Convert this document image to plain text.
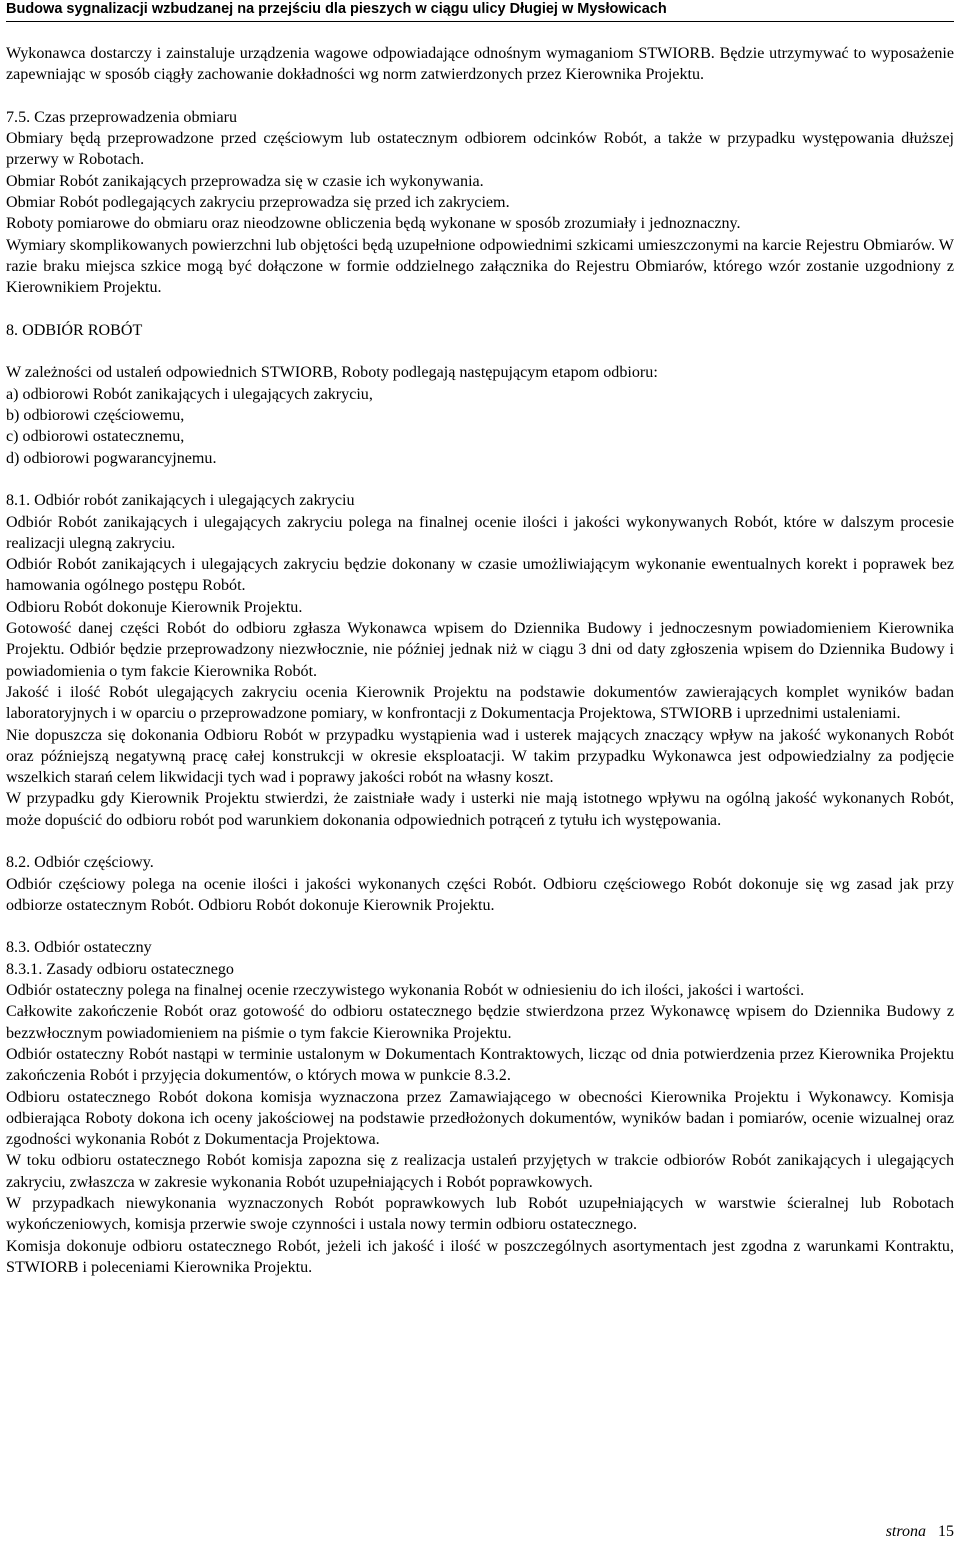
Budowa sygnalizacji wzbudzanej na przejściu dla pieszych w ciągu ulicy Długiej w Mysłowicach

Wykonawca dostarczy i zainstaluje urządzenia wagowe odpowiadające odnośnym wymaganiom STWIORB. Będzie utrzymywać to wyposażenie zapewniając w sposób ciągły zachowanie dokładności wg norm zatwierdzonych przez Kierownika Projektu.

7.5. Czas przeprowadzenia obmiaru

Obmiary będą przeprowadzone przed częściowym lub ostatecznym odbiorem odcinków Robót, a także w przypadku występowania dłuższej przerwy w Robotach.

Obmiar Robót zanikających przeprowadza się w czasie ich wykonywania.

Obmiar Robót podlegających zakryciu przeprowadza się przed ich zakryciem.

Roboty pomiarowe do obmiaru oraz nieodzowne obliczenia będą wykonane w sposób zrozumiały i jednoznaczny.

Wymiary skomplikowanych powierzchni lub objętości będą uzupełnione odpowiednimi szkicami umieszczonymi na karcie Rejestru Obmiarów. W razie braku miejsca szkice mogą być dołączone w formie oddzielnego załącznika do Rejestru Obmiarów, którego wzór zostanie uzgodniony z Kierownikiem Projektu.

8. ODBIÓR ROBÓT

W zależności od ustaleń odpowiednich STWIORB, Roboty podlegają następującym etapom odbioru:

a) odbiorowi Robót zanikających i ulegających zakryciu,
b) odbiorowi częściowemu,
c) odbiorowi ostatecznemu,
d) odbiorowi pogwarancyjnemu.

8.1. Odbiór robót zanikających i ulegających zakryciu

Odbiór Robót zanikających i ulegających zakryciu polega na finalnej ocenie ilości i jakości wykonywanych Robót, które w dalszym procesie realizacji ulegną zakryciu.

Odbiór Robót zanikających i ulegających zakryciu będzie dokonany w czasie umożliwiającym wykonanie ewentualnych korekt i poprawek bez hamowania ogólnego postępu Robót.

Odbioru Robót dokonuje Kierownik Projektu.

Gotowość danej części Robót do odbioru zgłasza Wykonawca wpisem do Dziennika Budowy i jednoczesnym powiadomieniem Kierownika Projektu. Odbiór będzie przeprowadzony niezwłocznie, nie później jednak niż w ciągu 3 dni od daty zgłoszenia wpisem do Dziennika Budowy i powiadomienia o tym fakcie Kierownika Robót.

Jakość i ilość Robót ulegających zakryciu ocenia Kierownik Projektu na podstawie dokumentów zawierających komplet wyników badan laboratoryjnych i w oparciu o przeprowadzone pomiary, w konfrontacji z Dokumentacja Projektowa, STWIORB i uprzednimi ustaleniami.

Nie dopuszcza się dokonania Odbioru Robót w przypadku wystąpienia wad i usterek mających znaczący wpływ na jakość wykonanych Robót oraz późniejszą negatywną pracę całej konstrukcji w okresie eksploatacji. W takim przypadku Wykonawca jest odpowiedzialny za podjęcie wszelkich starań celem likwidacji tych wad i poprawy jakości robót na własny koszt.

W przypadku gdy Kierownik Projektu stwierdzi, że zaistniałe wady i usterki nie mają istotnego wpływu na ogólną jakość wykonanych Robót, może dopuścić do odbioru robót pod warunkiem dokonania odpowiednich potrąceń z tytułu ich występowania.

8.2. Odbiór częściowy.

Odbiór częściowy polega na ocenie ilości i jakości wykonanych części Robót. Odbioru częściowego Robót dokonuje się wg zasad jak przy odbiorze ostatecznym Robót. Odbioru Robót dokonuje Kierownik Projektu.

8.3. Odbiór ostateczny

8.3.1. Zasady odbioru ostatecznego

Odbiór ostateczny polega na finalnej ocenie rzeczywistego wykonania Robót w odniesieniu do ich ilości, jakości i wartości.

Całkowite zakończenie Robót oraz gotowość do odbioru ostatecznego będzie stwierdzona przez Wykonawcę wpisem do Dziennika Budowy z bezzwłocznym powiadomieniem na piśmie o tym fakcie Kierownika Projektu.

Odbiór ostateczny Robót nastąpi w terminie ustalonym w Dokumentach Kontraktowych, licząc od dnia potwierdzenia przez Kierownika Projektu zakończenia Robót i przyjęcia dokumentów, o których mowa w punkcie 8.3.2.

Odbioru ostatecznego Robót dokona komisja wyznaczona przez Zamawiającego w obecności Kierownika Projektu i Wykonawcy. Komisja odbierająca Roboty dokona ich oceny jakościowej na podstawie przedłożonych dokumentów, wyników badan i pomiarów, ocenie wizualnej oraz zgodności wykonania Robót z Dokumentacja Projektowa.

W toku odbioru ostatecznego Robót komisja zapozna się z realizacja ustaleń przyjętych w trakcie odbiorów Robót zanikających i ulegających zakryciu, zwłaszcza w zakresie wykonania Robót uzupełniających i Robót poprawkowych.

W przypadkach niewykonania wyznaczonych Robót poprawkowych lub Robót uzupełniających w warstwie ścieralnej lub Robotach wykończeniowych, komisja przerwie swoje czynności i ustala nowy termin odbioru ostatecznego.

Komisja dokonuje odbioru ostatecznego Robót, jeżeli ich jakość i ilość w poszczególnych asortymentach jest zgodna z warunkami Kontraktu, STWIORB i poleceniami Kierownika Projektu.

strona 15
